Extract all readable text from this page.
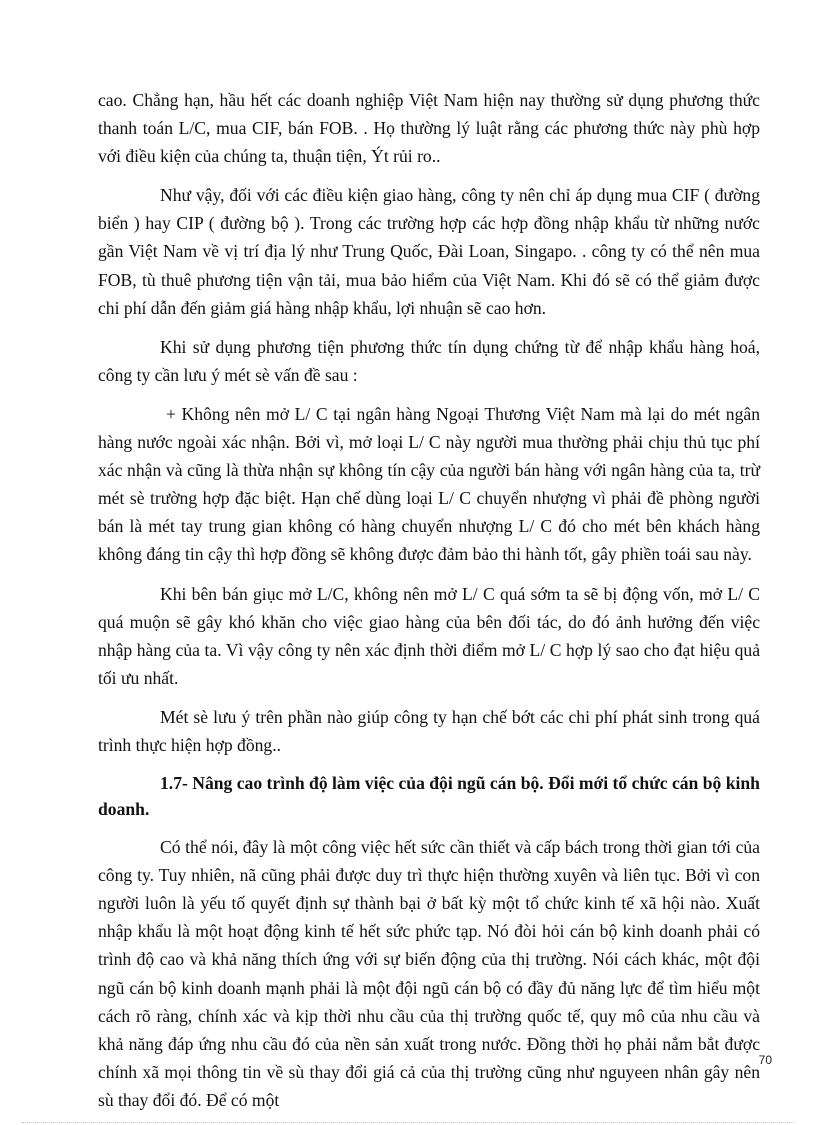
cao. Chẳng hạn, hầu hết các doanh nghiệp Việt Nam hiện nay thường sử dụng phương thức thanh toán L/C, mua CIF, bán FOB. . Họ thường lý luật rằng các phương thức này phù hợp với điều kiện của chúng ta, thuận tiện, Ýt rủi ro..

Như vậy, đối với các điều kiện giao hàng, công ty nên chỉ áp dụng mua CIF ( đường biển ) hay CIP ( đường bộ ). Trong các trường hợp các hợp đồng nhập khẩu từ những nước gần Việt Nam về vị trí địa lý như Trung Quốc, Đài Loan, Singapo. . công ty có thể nên mua FOB, tù thuê phương tiện vận tải, mua bảo hiểm của Việt Nam. Khi đó sẽ có thể giảm được chi phí dẫn đến giảm giá hàng nhập khẩu, lợi nhuận sẽ cao hơn.

Khi sử dụng phương tiện phương thức tín dụng chứng từ để nhập khẩu hàng hoá, công ty cần lưu ý mét sè vấn đề sau :

+ Không nên mở L/ C tại ngân hàng Ngoại Thương Việt Nam mà lại do mét ngân hàng nước ngoài xác nhận. Bởi vì, mở loại L/ C này người mua thường phải chịu thủ tục phí xác nhận và cũng là thừa nhận sự không tín cậy của người bán hàng với ngân hàng của ta, trừ mét sè trường hợp đặc biệt. Hạn chế dùng loại L/ C chuyển nhượng vì phải đề phòng người bán là mét tay trung gian không có hàng chuyển nhượng L/ C đó cho mét bên khách hàng không đáng tin cậy thì hợp đồng sẽ không được đảm bảo thi hành tốt, gây phiền toái sau này.

Khi bên bán giục mở L/C, không nên mở L/ C quá sớm ta sẽ bị động vốn, mở L/ C quá muộn sẽ gây khó khăn cho việc giao hàng của bên đối tác, do đó ảnh hưởng đến việc nhập hàng của ta. Vì vậy công ty nên xác định thời điểm mở L/ C hợp lý sao cho đạt hiệu quả tối ưu nhất.

Mét sè lưu ý trên phần nào giúp công ty hạn chế bớt các chi phí phát sinh trong quá trình thực hiện hợp đồng..

1.7- Nâng cao trình độ làm việc của đội ngũ cán bộ. Đổi mới tổ chức cán bộ kinh doanh.

Có thể nói, đây là một công việc hết sức cần thiết và cấp bách trong thời gian tới của công ty. Tuy nhiên, nã cũng phải được duy trì thực hiện thường xuyên và liên tục. Bởi vì con người luôn là yếu tố quyết định sự thành bại ở bất kỳ một tổ chức kinh tế xã hội nào. Xuất nhập khẩu là một hoạt động kinh tế hết sức phức tạp. Nó đòi hỏi cán bộ kinh doanh phải có trình độ cao và khả năng thích ứng với sự biến động của thị trường. Nói cách khác, một đội ngũ cán bộ kinh doanh mạnh phải là một đội ngũ cán bộ có đầy đủ năng lực để tìm hiểu một cách rõ ràng, chính xác và kịp thời nhu cầu của thị trường quốc tế, quy mô của nhu cầu và khả năng đáp ứng nhu cầu đó của nền sản xuất trong nước. Đồng thời họ phải nắm bắt được chính xã mọi thông tin về sù thay đổi giá cả của thị trường cũng như nguyeen nhân gây nên sù thay đổi đó. Để có một

70
